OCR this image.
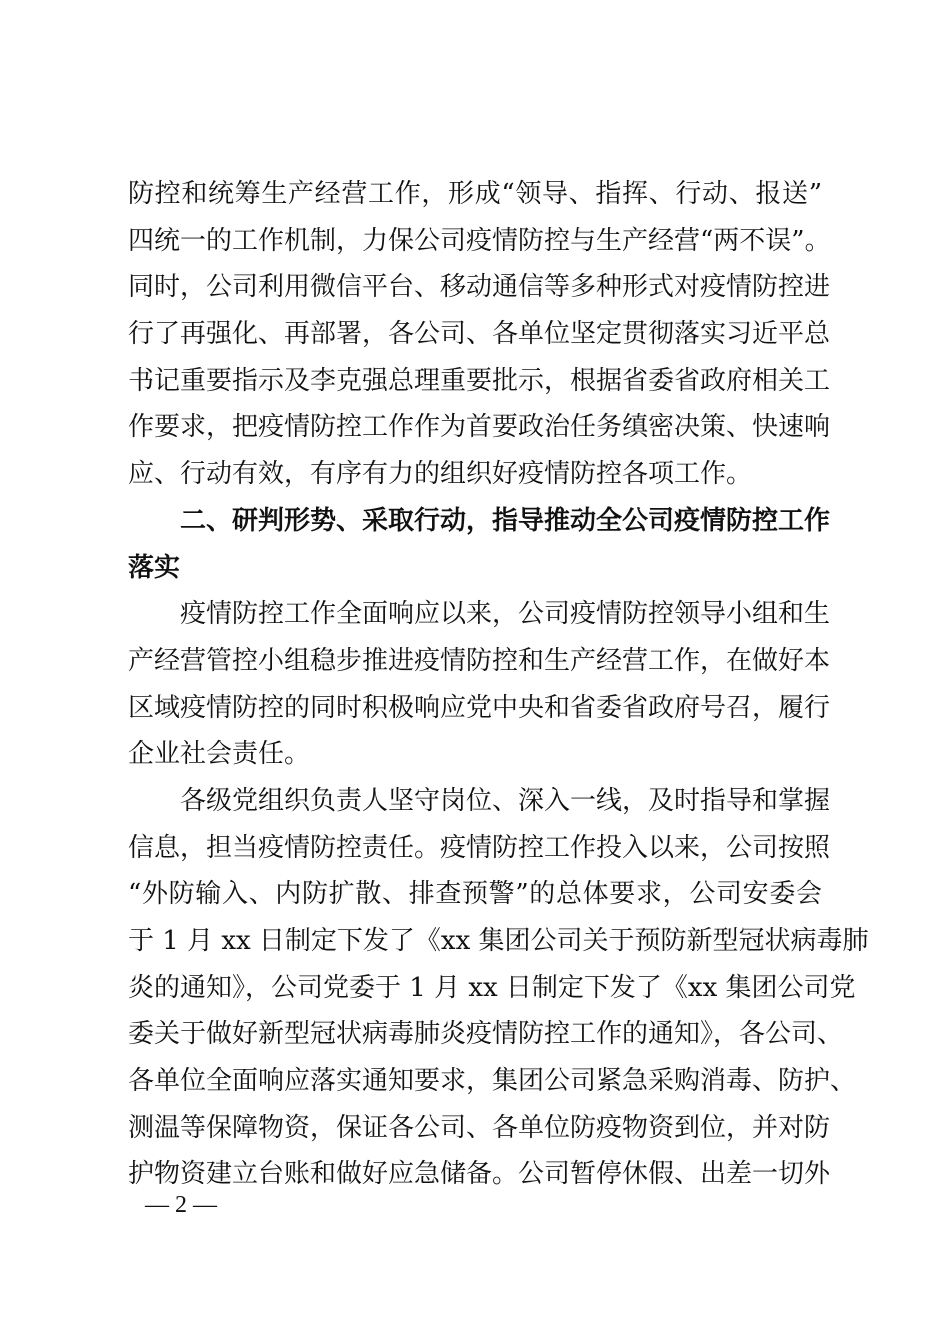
防控和统筹生产经营工作，形成“领导、指挥、行动、报送”
四统一的工作机制，力保公司疫情防控与生产经营“两不误”。
同时，公司利用微信平台、移动通信等多种形式对疫情防控进
行了再强化、再部署，各公司、各单位坚定贯彻落实习近平总
书记重要指示及李克强总理重要批示，根据省委省政府相关工
作要求，把疫情防控工作作为首要政治任务缜密决策、快速响
应、行动有效，有序有力的组织好疫情防控各项工作。
二、研判形势、采取行动，指导推动全公司疫情防控工作
落实
疫情防控工作全面响应以来，公司疫情防控领导小组和生
产经营管控小组稳步推进疫情防控和生产经营工作，在做好本
区域疫情防控的同时积极响应党中央和省委省政府号召，履行
企业社会责任。
各级党组织负责人坚守岗位、深入一线，及时指导和掌握
信息，担当疫情防控责任。疫情防控工作投入以来，公司按照
“外防输入、内防扩散、排查预警”的总体要求，公司安委会
于 1 月 xx 日制定下发了《xx 集团公司关于预防新型冠状病毒肺
炎的通知》，公司党委于 1 月 xx 日制定下发了《xx 集团公司党
委关于做好新型冠状病毒肺炎疫情防控工作的通知》，各公司、
各单位全面响应落实通知要求，集团公司紧急采购消毒、防护、
测温等保障物资，保证各公司、各单位防疫物资到位，并对防
护物资建立台账和做好应急储备。公司暂停休假、出差一切外
— 2 —
